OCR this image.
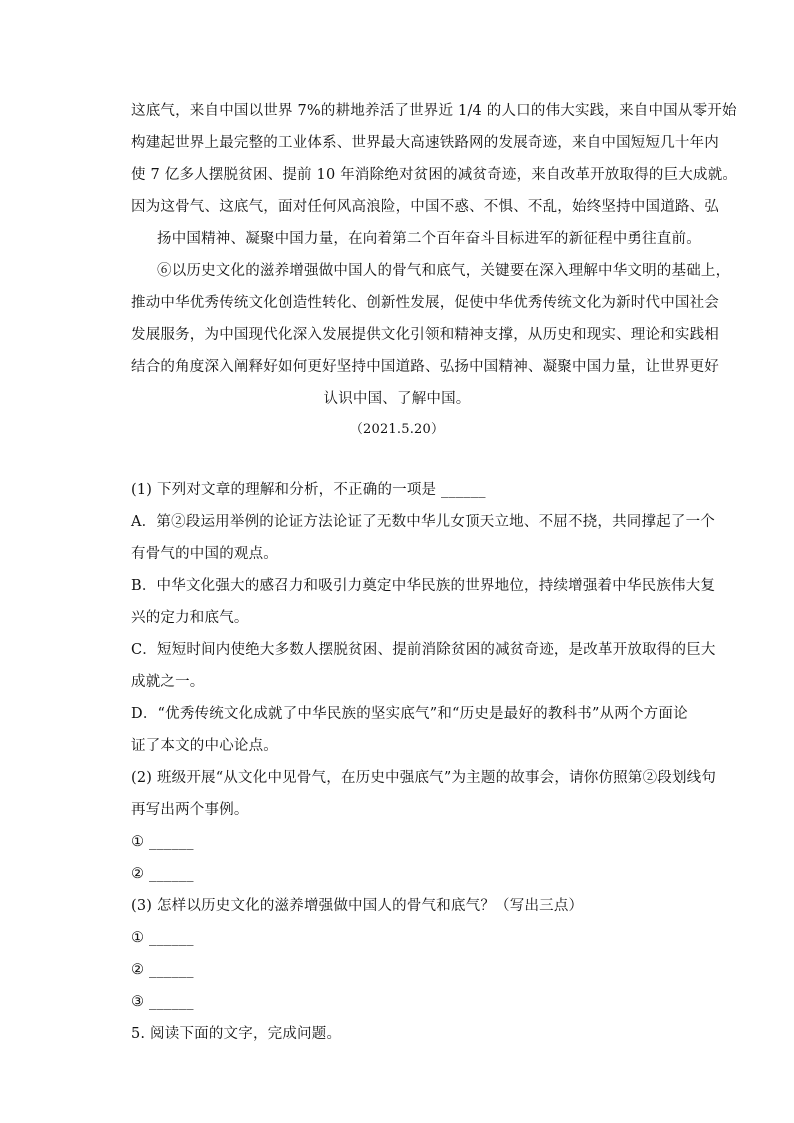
这底气，来自中国以世界 7%的耕地养活了世界近 1/4 的人口的伟大实践，来自中国从零开始
构建起世界上最完整的工业体系、世界最大高速铁路网的发展奇迹，来自中国短短几十年内
使 7 亿多人摆脱贫困、提前 10 年消除绝对贫困的减贫奇迹，来自改革开放取得的巨大成就。
因为这骨气、这底气，面对任何风高浪险，中国不惑、不惧、不乱，始终坚持中国道路、弘
扬中国精神、凝聚中国力量，在向着第二个百年奋斗目标进军的新征程中勇往直前。
⑥以历史文化的滋养增强做中国人的骨气和底气，关键要在深入理解中华文明的基础上，
推动中华优秀传统文化创造性转化、创新性发展，促使中华优秀传统文化为新时代中国社会
发展服务，为中国现代化深入发展提供文化引领和精神支撑，从历史和现实、理论和实践相
结合的角度深入阐释好如何更好坚持中国道路、弘扬中国精神、凝聚中国力量，让世界更好
认识中国、了解中国。
（2021.5.20）
(1) 下列对文章的理解和分析，不正确的一项是 ______
A．第②段运用举例的论证方法论证了无数中华儿女顶天立地、不屈不挠，共同撑起了一个
有骨气的中国的观点。
B．中华文化强大的感召力和吸引力奠定中华民族的世界地位，持续增强着中华民族伟大复
兴的定力和底气。
C．短短时间内使绝大多数人摆脱贫困、提前消除贫困的减贫奇迹，是改革开放取得的巨大
成就之一。
D．“优秀传统文化成就了中华民族的坚实底气”和“历史是最好的教科书”从两个方面论
证了本文的中心论点。
(2) 班级开展“从文化中见骨气，在历史中强底气”为主题的故事会，请你仿照第②段划线句
再写出两个事例。
① ______
② ______
(3) 怎样以历史文化的滋养增强做中国人的骨气和底气？（写出三点）
① ______
② ______
③ ______
5. 阅读下面的文字，完成问题。
